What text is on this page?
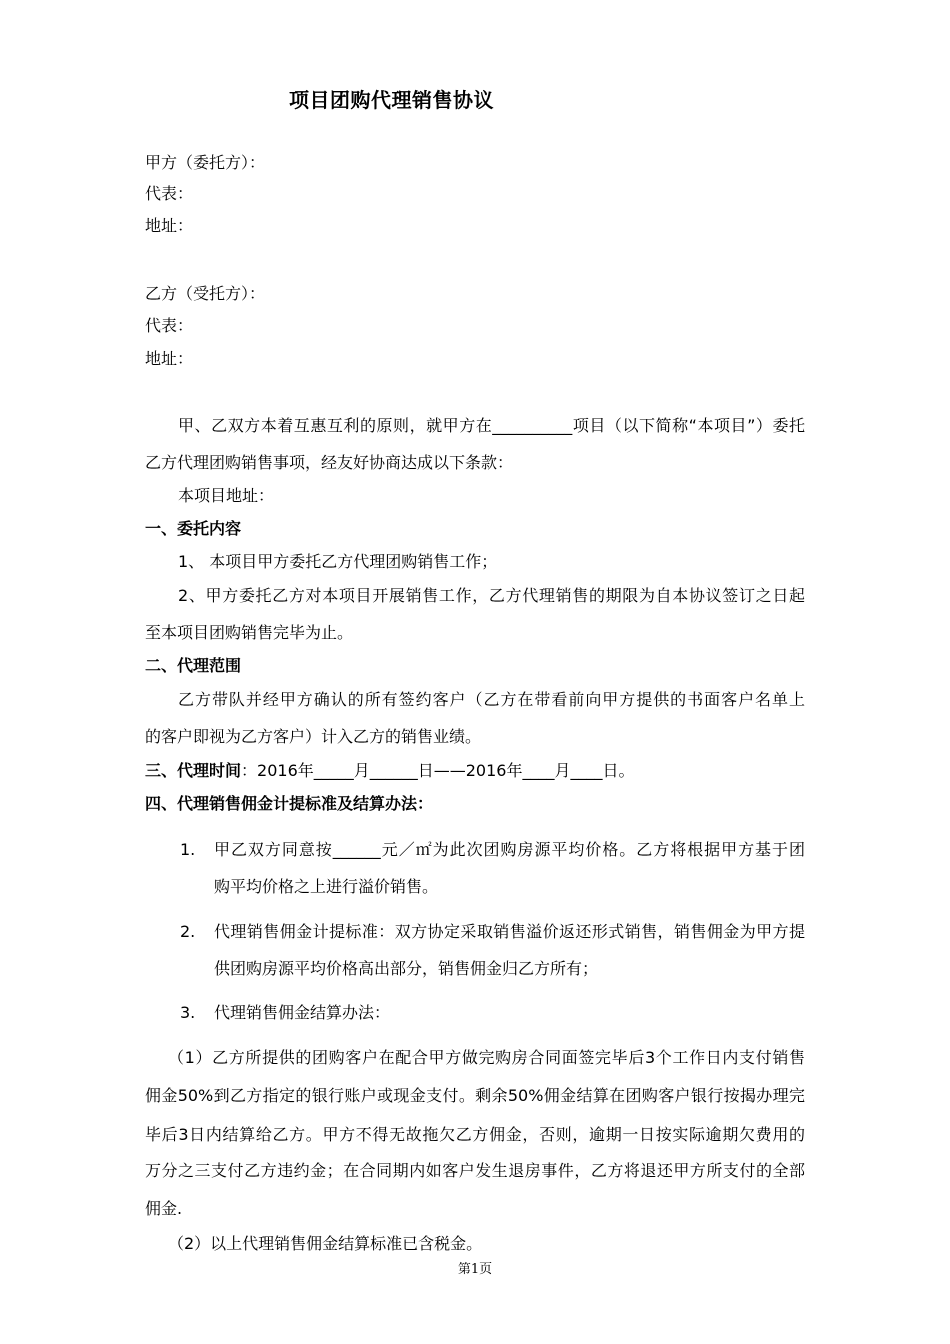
项目团购代理销售协议
甲方（委托方）：
代表：
地址：
乙方（受托方）：
代表：
地址：
甲、乙双方本着互惠互利的原则，就甲方在__________项目（以下简称“本项目”）委托
乙方代理团购销售事项，经友好协商达成以下条款：
本项目地址：
一、委托内容
1、 本项目甲方委托乙方代理团购销售工作；
2、甲方委托乙方对本项目开展销售工作，乙方代理销售的期限为自本协议签订之日起
至本项目团购销售完毕为止。
二、代理范围
乙方带队并经甲方确认的所有签约客户（乙方在带看前向甲方提供的书面客户名单上
的客户即视为乙方客户）计入乙方的销售业绩。
三、代理时间：2016年_____月______日——2016年____月____日。
四、代理销售佣金计提标准及结算办法：
1. 甲乙双方同意按______元／㎡为此次团购房源平均价格。乙方将根据甲方基于团
购平均价格之上进行溢价销售。
2. 代理销售佣金计提标准：双方协定采取销售溢价返还形式销售，销售佣金为甲方提
供团购房源平均价格高出部分，销售佣金归乙方所有；
3. 代理销售佣金结算办法：
（1）乙方所提供的团购客户在配合甲方做完购房合同面签完毕后3个工作日内支付销售
佣金50%到乙方指定的银行账户或现金支付。剩余50%佣金结算在团购客户银行按揭办理完
毕后3日内结算给乙方。甲方不得无故拖欠乙方佣金，否则，逾期一日按实际逾期欠费用的
万分之三支付乙方违约金；在合同期内如客户发生退房事件，乙方将退还甲方所支付的全部
佣金.
（2）以上代理销售佣金结算标准已含税金。
第1页
